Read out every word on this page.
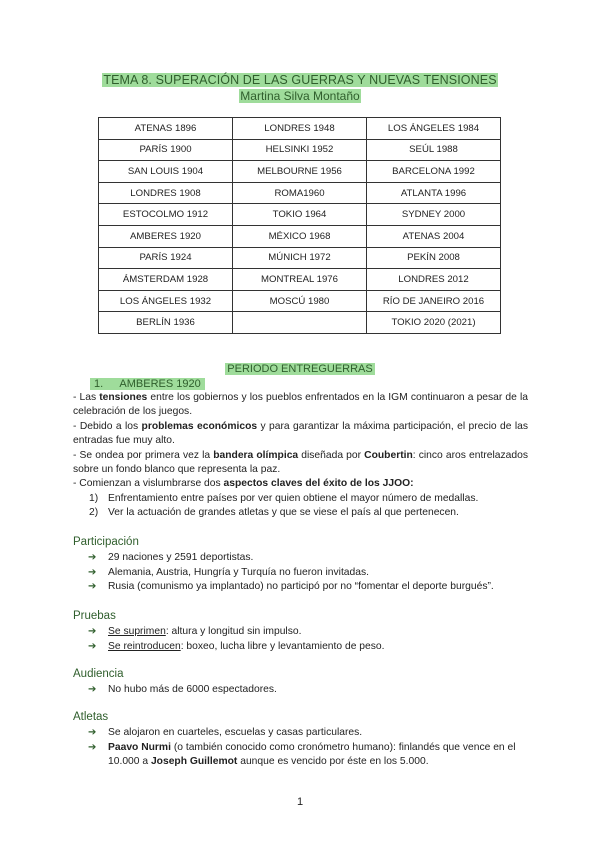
TEMA 8. SUPERACIÓN DE LAS GUERRAS Y NUEVAS TENSIONES
Martina Silva Montaño
ATENAS 1896	LONDRES 1948	LOS ÁNGELES 1984
PARÍS 1900	HELSINKI 1952	SEÚL 1988
SAN LOUIS 1904	MELBOURNE 1956	BARCELONA 1992
LONDRES 1908	ROMA1960	ATLANTA 1996
ESTOCOLMO 1912	TOKIO 1964	SYDNEY 2000
AMBERES 1920	MÉXICO 1968	ATENAS 2004
PARÍS 1924	MÚNICH 1972	PEKÍN 2008
ÁMSTERDAM 1928	MONTREAL 1976	LONDRES 2012
LOS ÁNGELES 1932	MOSCÚ 1980	RÍO DE JANEIRO 2016
BERLÍN 1936		TOKIO 2020 (2021)
PERIODO ENTREGUERRAS
1. AMBERES 1920

- Las tensiones entre los gobiernos y los pueblos enfrentados en la IGM continuaron a pesar de la celebración de los juegos.

- Debido a los problemas económicos y para garantizar la máxima participación, el precio de las entradas fue muy alto.

- Se ondea por primera vez la bandera olímpica diseñada por Coubertin: cinco aros entrelazados sobre un fondo blanco que representa la paz.

- Comienzan a vislumbrarse dos aspectos claves del éxito de los JJOO:

1) Enfrentamiento entre países por ver quien obtiene el mayor número de medallas.
2) Ver la actuación de grandes atletas y que se viese el país al que pertenecen.
Participación
➔ 29 naciones y 2591 deportistas.
➔ Alemania, Austria, Hungría y Turquía no fueron invitadas.
➔ Rusia (comunismo ya implantado) no participó por no “fomentar el deporte burgués”.
Pruebas
➔ Se suprimen: altura y longitud sin impulso.
➔ Se reintroducen: boxeo, lucha libre y levantamiento de peso.
Audiencia
➔ No hubo más de 6000 espectadores.
Atletas
➔ Se alojaron en cuarteles, escuelas y casas particulares.
➔ Paavo Nurmi (o también conocido como cronómetro humano): finlandés que vence en el 10.000 a Joseph Guillemot aunque es vencido por éste en los 5.000.
1
